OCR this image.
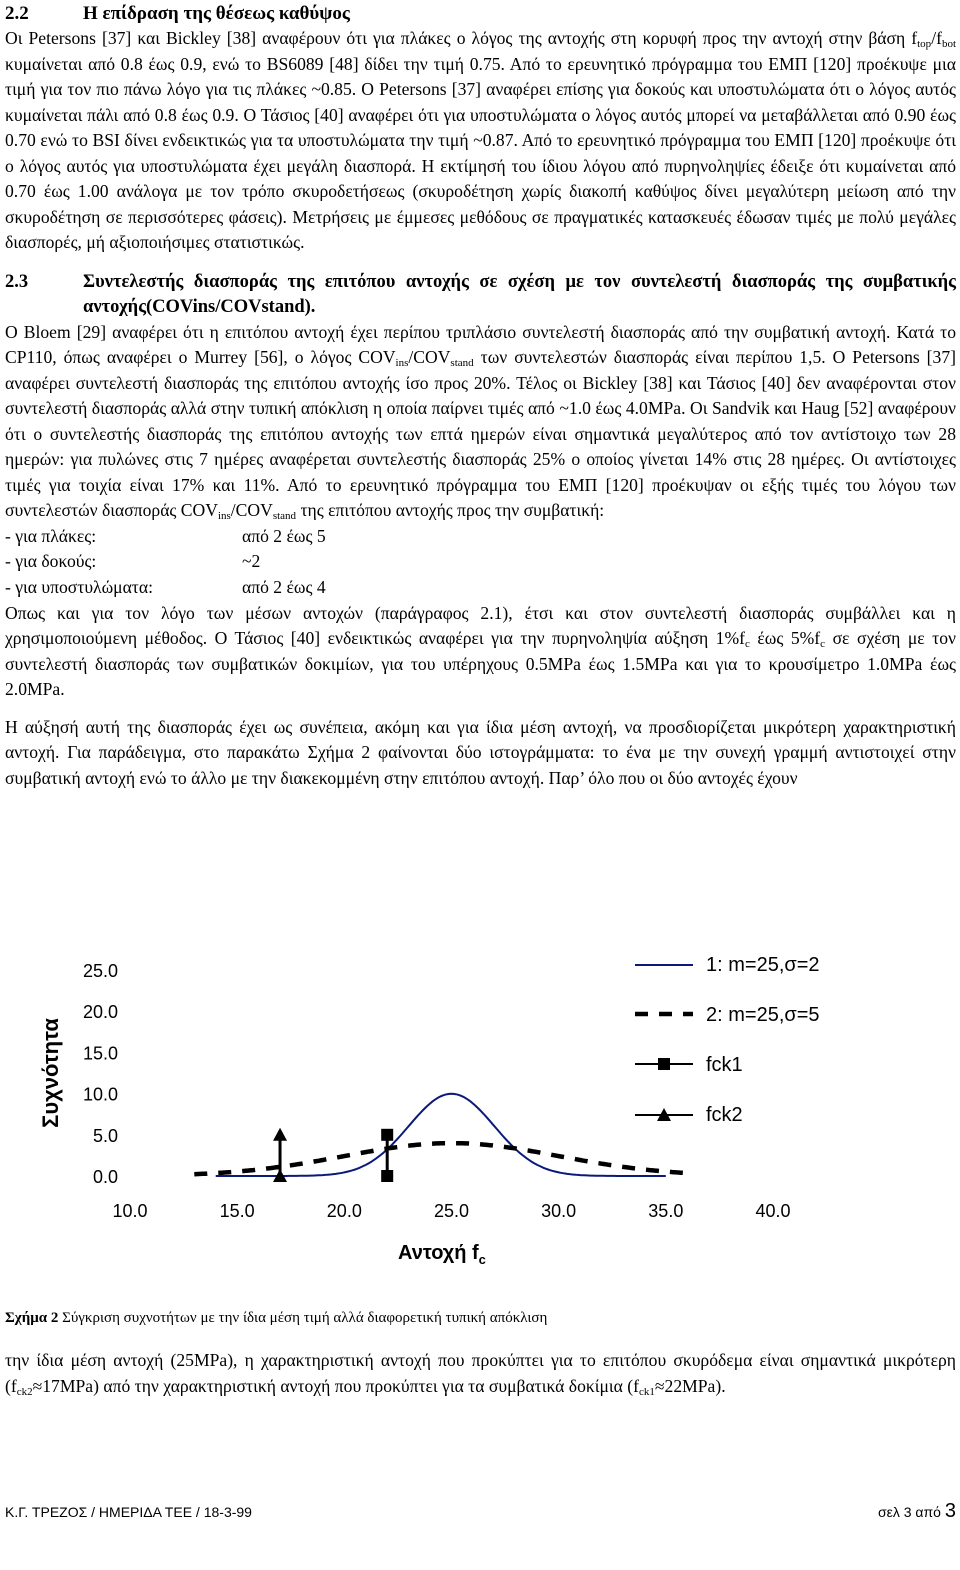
2.2	Η επίδραση της θέσεως καθύψος

Οι Petersons [37] και Bickley [38] αναφέρουν ότι για πλάκες ο λόγος της αντοχής στη κορυφή προς την αντοχή στην βάση $f_{top}/f_{bot}$ κυμαίνεται από 0.8 έως 0.9, ενώ το BS6089 [48] δίδει την τιμή 0.75. Από το ερευνητικό πρόγραμμα του ΕΜΠ [120] προέκυψε μια τιμή για τον πιο πάνω λόγο για τις πλάκες ~0.85. Ο Petersons [37] αναφέρει επίσης για δοκούς και υποστυλώματα ότι ο λόγος αυτός κυμαίνεται πάλι από 0.8 έως 0.9. Ο Τάσιος [40] αναφέρει ότι για υποστυλώματα ο λόγος αυτός μπορεί να μεταβάλλεται από 0.90 έως 0.70 ενώ το BSI δίνει ενδεικτικώς για τα υποστυλώματα την τιμή ~0.87. Από το ερευνητικό πρόγραμμα του ΕΜΠ [120] προέκυψε ότι ο λόγος αυτός για υποστυλώματα έχει μεγάλη διασπορά. Η εκτίμησή του ίδιου λόγου από πυρηνοληψίες έδειξε ότι κυμαίνεται από 0.70 έως 1.00 ανάλογα με τον τρόπο σκυροδετήσεως (σκυροδέτηση χωρίς διακοπή καθύψος δίνει μεγαλύτερη μείωση από την σκυροδέτηση σε περισσότερες φάσεις). Μετρήσεις με έμμεσες μεθόδους σε πραγματικές κατασκευές έδωσαν τιμές με πολύ μεγάλες διασπορές, μή αξιοποιήσιμες στατιστικώς.

2.3	Συντελεστής διασποράς της επιτόπου αντοχής σε σχέση με τον συντελεστή διασποράς της συμβατικής αντοχής(COVins/COVstand).

Ο Bloem [29] αναφέρει ότι η επιτόπου αντοχή έχει περίπου τριπλάσιο συντελεστή διασποράς από την συμβατική αντοχή. Κατά το CP110, όπως αναφέρει ο Murrey [56], ο λόγος $COV_{ins}/COV_{stand}$ των συντελεστών διασποράς είναι περίπου 1,5. Ο Petersons [37] αναφέρει συντελεστή διασποράς της επιτόπου αντοχής ίσο προς 20%. Τέλος οι Bickley [38] και Τάσιος [40] δεν αναφέρονται στον συντελεστή διασποράς αλλά στην τυπική απόκλιση η οποία παίρνει τιμές από ~1.0 έως 4.0MPa. Οι Sandvik και Haug [52] αναφέρουν ότι ο συντελεστής διασποράς της επιτόπου αντοχής των επτά ημερών είναι σημαντικά μεγαλύτερος από τον αντίστοιχο των 28 ημερών: για πυλώνες στις 7 ημέρες αναφέρεται συντελεστής διασποράς 25% ο οποίος γίνεται 14% στις 28 ημέρες. Οι αντίστοιχες τιμές για τοιχία είναι 17% και 11%. Από το ερευνητικό πρόγραμμα του ΕΜΠ [120] προέκυψαν οι εξής τιμές του λόγου των συντελεστών διασποράς $COV_{ins}/COV_{stand}$ της επιτόπου αντοχής προς την συμβατική:

- για πλάκες:	από 2 έως 5
- για δοκούς:	~2
- για υποστυλώματα:	από 2 έως 4

Οπως και για τον λόγο των μέσων αντοχών (παράγραφος 2.1), έτσι και στον συντελεστή διασποράς συμβάλλει και η χρησιμοποιούμενη μέθοδος. Ο Τάσιος [40] ενδεικτικώς αναφέρει για την πυρηνοληψία αύξηση $1\%f_c$ έως $5\%f_c$ σε σχέση με τον συντελεστή διασποράς των συμβατικών δοκιμίων, για του υπέρηχους 0.5MPa έως 1.5MPa και για το κρουσίμετρο 1.0MPa έως 2.0MPa.

Η αύξησή αυτή της διασποράς έχει ως συνέπεια, ακόμη και για ίδια μέση αντοχή, να προσδιορίζεται μικρότερη χαρακτηριστική αντοχή. Για παράδειγμα, στο παρακάτω Σχήμα 2 φαίνονται δύο ιστογράμματα: το ένα με την συνεχή γραμμή αντιστοιχεί στην συμβατική αντοχή ενώ το άλλο με την διακεκομμένη στην επιτόπου αντοχή. Παρ’ όλο που οι δύο αντοχές έχουν

0.0
5.0
10.0
15.0
20.0
25.0
10.0	15.0	20.0	25.0	30.0	35.0	40.0
Συχνότητα
Αντοχή $f_c$
1: m=25,σ=2
2: m=25,σ=5
fck1
fck2
Σχήμα 2 Σύγκριση συχνοτήτων με την ίδια μέση τιμή αλλά διαφορετική τυπική απόκλιση

την ίδια μέση αντοχή (25MPa), η χαρακτηριστική αντοχή που προκύπτει για το επιτόπου σκυρόδεμα είναι σημαντικά μικρότερη $(f_{ck2}\approx 17MPa)$ από την χαρακτηριστική αντοχή που προκύπτει για τα συμβατικά δοκίμια $(f_{ck1}\approx 22MPa)$.

Κ.Γ. ΤΡΕΖΟΣ / ΗΜΕΡΙΔΑ ΤΕΕ / 18-3-99	σελ 3 από 3
